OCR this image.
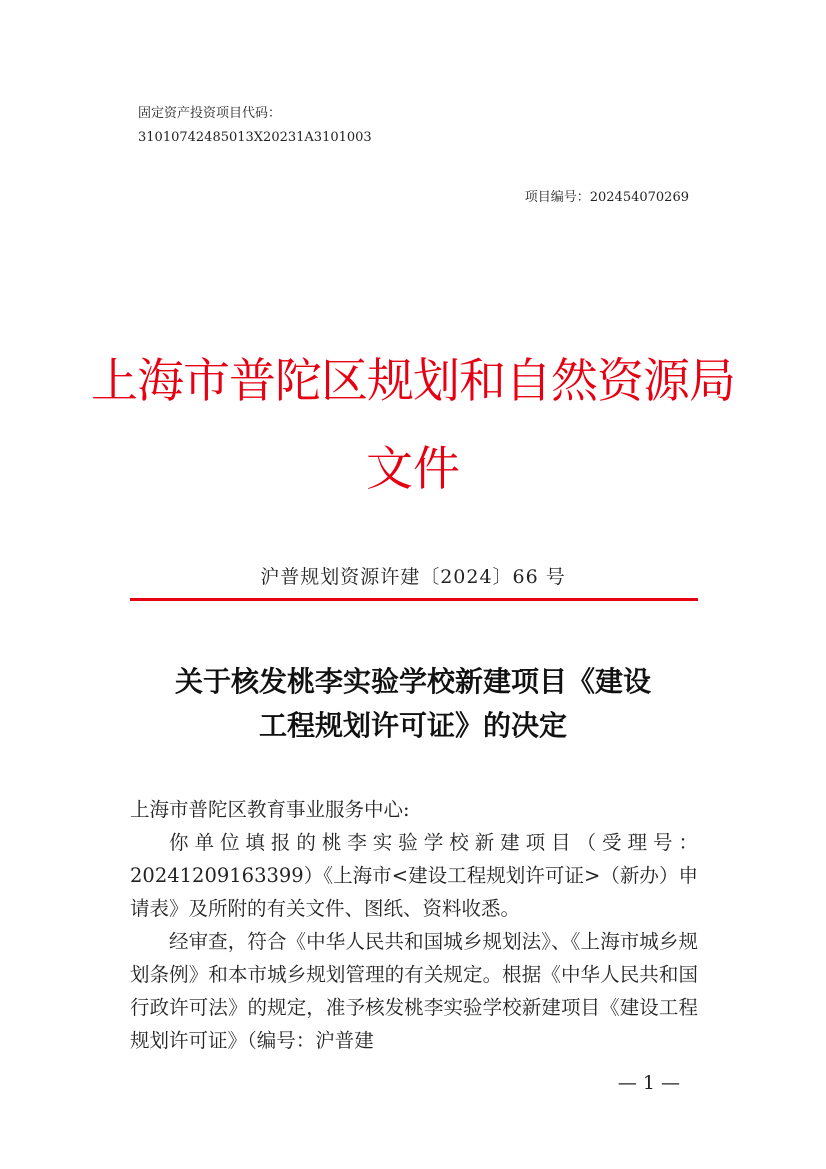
固定资产投资项目代码：
31010742485013X20231A3101003
项目编号：202454070269
上海市普陀区规划和自然资源局
文件
沪普规划资源许建〔2024〕66 号
关于核发桃李实验学校新建项目《建设
工程规划许可证》的决定

上海市普陀区教育事业服务中心:

你单位填报的桃李实验学校新建项目（受理号：20241209163399）《上海市<建设工程规划许可证>（新办）申请表》及所附的有关文件、图纸、资料收悉。

经审查，符合《中华人民共和国城乡规划法》、《上海市城乡规划条例》和本市城乡规划管理的有关规定。根据《中华人民共和国行政许可法》的规定，准予核发桃李实验学校新建项目《建设工程规划许可证》（编号：沪普建

— 1 —
